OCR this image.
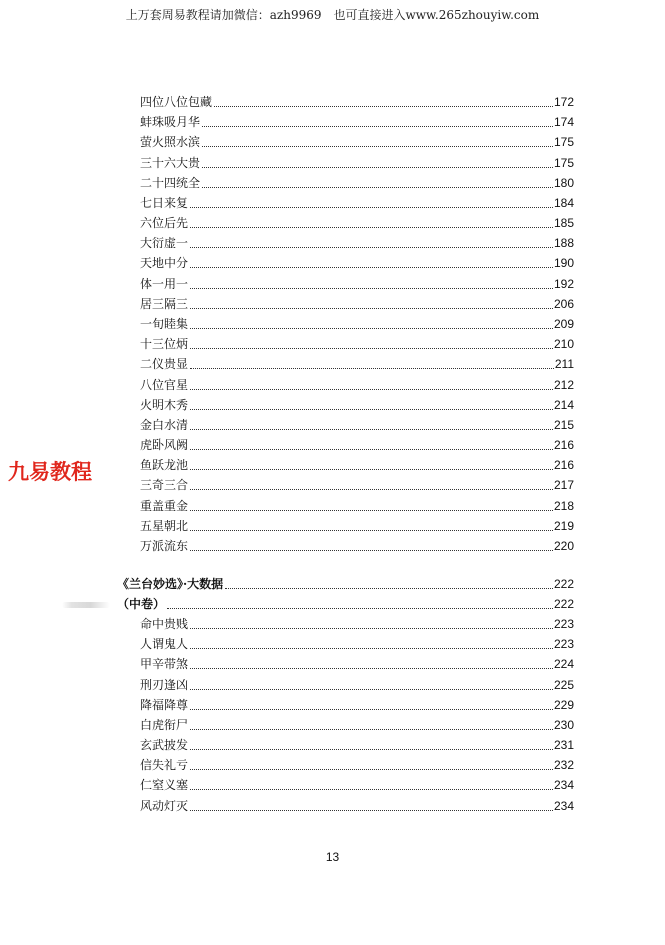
上万套周易教程请加微信：azh9969　也可直接进入www.265zhouyiw.com
四位八位包藏	172
蚌珠吸月华	174
萤火照水滨	175
三十六大贵	175
二十四统全	180
七日来复	184
六位后先	185
大衍虚一	188
天地中分	190
体一用一	192
居三隔三	206
一旬睦集	209
十三位炳	210
二仪贵显	211
八位官星	212
火明木秀	214
金白水清	215
虎卧风阙	216
鱼跃龙池	216
三奇三合	217
重盖重金	218
五星朝北	219
万派流东	220
《兰台妙选》·大数据	222
（中卷）	222
命中贵贱	223
人谓鬼人	223
甲辛带煞	224
刑刃逢凶	225
降福降尊	229
白虎衔尸	230
玄武披发	231
信失礼亏	232
仁窒义塞	234
风动灯灭	234
九易教程
13
